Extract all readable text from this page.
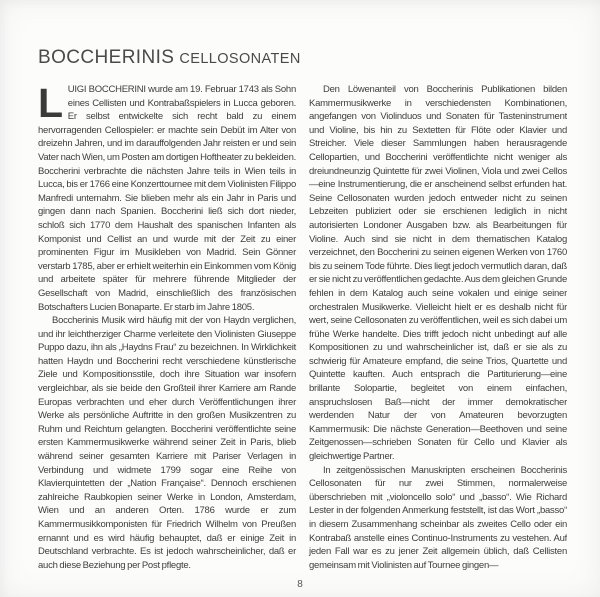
BOCCHERINIS CELLOSONATEN

LUIGI BOCCHERINI wurde am 19. Februar 1743 als Sohn eines Cellisten und Kontrabaßspielers in Lucca geboren. Er selbst entwickelte sich recht bald zu einem hervorragenden Cellospieler: er machte sein Debüt im Alter von dreizehn Jahren, und im darauffolgenden Jahr reisten er und sein Vater nach Wien, um Posten am dortigen Hoftheater zu bekleiden. Boccherini verbrachte die nächsten Jahre teils in Wien teils in Lucca, bis er 1766 eine Konzerttournee mit dem Violinisten Filippo Manfredi unternahm. Sie blieben mehr als ein Jahr in Paris und gingen dann nach Spanien. Boccherini ließ sich dort nieder, schloß sich 1770 dem Haushalt des spanischen Infanten als Komponist und Cellist an und wurde mit der Zeit zu einer prominenten Figur im Musikleben von Madrid. Sein Gönner verstarb 1785, aber er erhielt weiterhin ein Einkommen vom König und arbeitete später für mehrere führende Mitglieder der Gesellschaft von Madrid, einschließlich des französischen Botschafters Lucien Bonaparte. Er starb im Jahre 1805.

Boccherinis Musik wird häufig mit der von Haydn verglichen, und ihr leichtherziger Charme verleitete den Violinisten Giuseppe Puppo dazu, ihn als „Haydns Frau“ zu bezeichnen. In Wirklichkeit hatten Haydn und Boccherini recht verschiedene künstlerische Ziele und Kompositionsstile, doch ihre Situation war insofern vergleichbar, als sie beide den Großteil ihrer Karriere am Rande Europas verbrachten und eher durch Veröffentlichungen ihrer Werke als persönliche Auftritte in den großen Musikzentren zu Ruhm und Reichtum gelangten. Boccherini veröffentlichte seine ersten Kammermusikwerke während seiner Zeit in Paris, blieb während seiner gesamten Karriere mit Pariser Verlagen in Verbindung und widmete 1799 sogar eine Reihe von Klavierquintetten der „Nation Française“. Dennoch erschienen zahlreiche Raubkopien seiner Werke in London, Amsterdam, Wien und an anderen Orten. 1786 wurde er zum Kammermusikkomponisten für Friedrich Wilhelm von Preußen ernannt und es wird häufig behauptet, daß er einige Zeit in Deutschland verbrachte. Es ist jedoch wahrscheinlicher, daß er auch diese Beziehung per Post pflegte.

Den Löwenanteil von Boccherinis Publikationen bilden Kammermusikwerke in verschiedensten Kombinationen, angefangen von Violinduos und Sonaten für Tasteninstrument und Violine, bis hin zu Sextetten für Flöte oder Klavier und Streicher. Viele dieser Sammlungen haben herausragende Cellopartien, und Boccherini veröffentlichte nicht weniger als dreiundneunzig Quintette für zwei Violinen, Viola und zwei Cellos—eine Instrumentierung, die er anscheinend selbst erfunden hat. Seine Cellosonaten wurden jedoch entweder nicht zu seinen Lebzeiten publiziert oder sie erschienen lediglich in nicht autorisierten Londoner Ausgaben bzw. als Bearbeitungen für Violine. Auch sind sie nicht in dem thematischen Katalog verzeichnet, den Boccherini zu seinen eigenen Werken von 1760 bis zu seinem Tode führte. Dies liegt jedoch vermutlich daran, daß er sie nicht zu veröffentlichen gedachte. Aus dem gleichen Grunde fehlen in dem Katalog auch seine vokalen und einige seiner orchestralen Musikwerke. Vielleicht hielt er es deshalb nicht für wert, seine Cellosonaten zu veröffentlichen, weil es sich dabei um frühe Werke handelte. Dies trifft jedoch nicht unbedingt auf alle Kompositionen zu und wahrscheinlicher ist, daß er sie als zu schwierig für Amateure empfand, die seine Trios, Quartette und Quintette kauften. Auch entsprach die Partiturierung—eine brillante Solopartie, begleitet von einem einfachen, anspruchslosen Baß—nicht der immer demokratischer werdenden Natur der von Amateuren bevorzugten Kammermusik: Die nächste Generation—Beethoven und seine Zeitgenossen—schrieben Sonaten für Cello und Klavier als gleichwertige Partner.

In zeitgenössischen Manuskripten erscheinen Boccherinis Cellosonaten für nur zwei Stimmen, normalerweise überschrieben mit „violoncello solo“ und „basso“. Wie Richard Lester in der folgenden Anmerkung feststellt, ist das Wort „basso“ in diesem Zusammenhang scheinbar als zweites Cello oder ein Kontrabaß anstelle eines Continuo-Instruments zu vestehen. Auf jeden Fall war es zu jener Zeit allgemein üblich, daß Cellisten gemeinsam mit Violinisten auf Tournee gingen—

8
